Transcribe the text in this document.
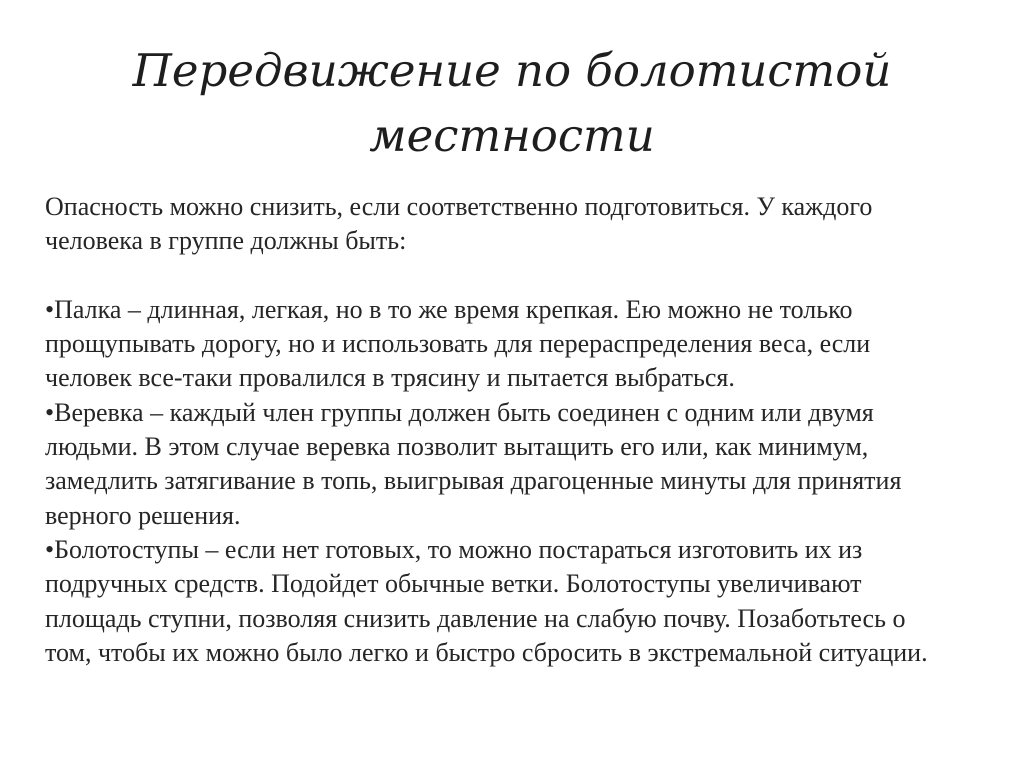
Передвижение по болотистой
местности
Опасность можно снизить, если соответственно подготовиться. У каждого
человека в группе должны быть:
•Палка – длинная, легкая, но в то же время крепкая. Ею можно не только
прощупывать дорогу, но и использовать для перераспределения веса, если
человек все-таки провалился в трясину и пытается выбраться.
•Веревка – каждый член группы должен быть соединен с одним или двумя
людьми. В этом случае веревка позволит вытащить его или, как минимум,
замедлить затягивание в топь, выигрывая драгоценные минуты для принятия
верного решения.
•Болотоступы – если нет готовых, то можно постараться изготовить их из
подручных средств. Подойдет обычные ветки. Болотоступы увеличивают
площадь ступни, позволяя снизить давление на слабую почву. Позаботьтесь о
том, чтобы их можно было легко и быстро сбросить в экстремальной ситуации.
